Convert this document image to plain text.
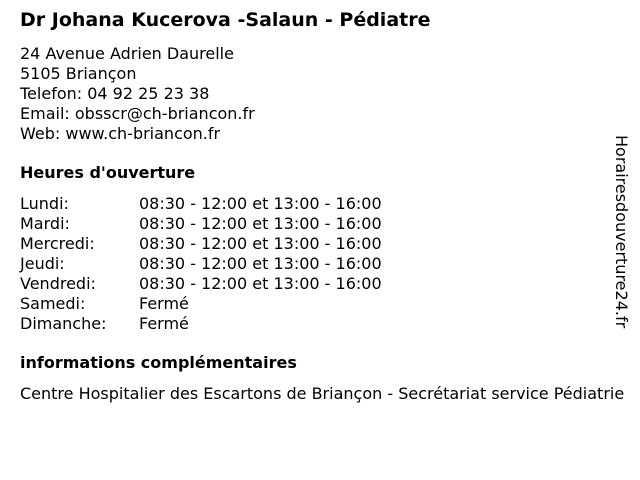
Dr Johana Kucerova -Salaun - Pédiatre
24 Avenue Adrien Daurelle
5105 Briançon
Telefon: 04 92 25 23 38
Email: obsscr@ch-briancon.fr
Web: www.ch-briancon.fr
Heures d'ouverture
Lundi:	08:30 - 12:00 et 13:00 - 16:00
Mardi:	08:30 - 12:00 et 13:00 - 16:00
Mercredi:	08:30 - 12:00 et 13:00 - 16:00
Jeudi:	08:30 - 12:00 et 13:00 - 16:00
Vendredi:	08:30 - 12:00 et 13:00 - 16:00
Samedi:	Fermé
Dimanche: Fermé
informations complémentaires
Centre Hospitalier des Escartons de Briançon - Secrétariat service Pédiatrie
Horairesdouverture24.fr
